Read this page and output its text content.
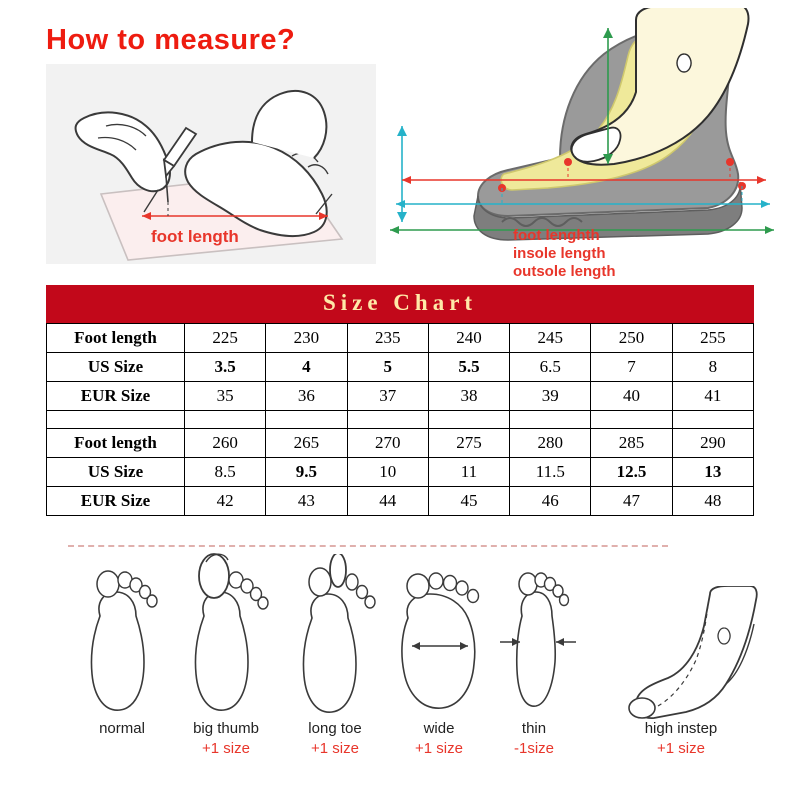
How to measure?
foot length	foot lenghth
insole length
outsole length
Size Chart
Foot length	225	230	235	240	245	250	255
US Size	3.5	4	5	5.5	6.5	7	8
EUR Size	35	36	37	38	39	40	41

Foot length	260	265	270	275	280	285	290
US Size	8.5	9.5	10	11	11.5	12.5	13
EUR Size	42	43	44	45	46	47	48
normal	big thumb
+1 size
long toe
+1 size
wide
+1 size
thin
-1size
high instep
+1 size
